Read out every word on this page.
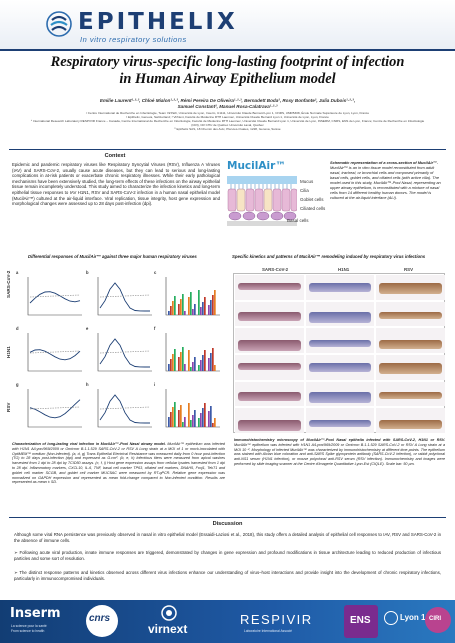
EPITHELIX
In vitro respiratory solutions
Respiratory virus-specific long-lasting footprint of infection
in Human Airway Epithelium model
Emilie Laurent¹·²·³, Chloé Mialon¹·²·³, Rémi Pereira De Oliveira¹·²·³, Bernadett Boda², Roxy Bonfante², Julia Dubois¹·²·³,
Samuel Constant², Manuel Rosa-Calatrava¹·²·³
¹ Centre International de Recherche en Infectiologie, Team VirPath, Université de Lyon, Inserm, U1111, Université Claude Bernard Lyon 1, CNRS, UMR5308, École Normale Supérieure de Lyon, Lyon, France
² Epithelix, Geneva, Switzerland; ³ VirNext, Faculté de Médecine RTH Laennec, Université Claude Bernard Lyon 1, Université de Lyon, Lyon, France
⁴ International Research Laboratory RESPIVIR France – Canada, Centre International de Recherche en Infectiologie, Faculté de Médecine RTH Laennec, Université Claude Bernard Lyon 1, Université de Lyon, INSERM, CNRS, ENS de Lyon, France; Centre de Recherche en Infectiologie
(CRI), CR CHU de Québec Université Laval, Québec
⁵ Epithelix SAS, 18 Chemin des Aulx, Plan-les-Ouates, 1228, Geneva, Suisse
Context
Epidemic and pandemic respiratory viruses like Respiratory Syncytial Viruses (RSV), Influenza A Viruses (IAV) and SARS-CoV-2, usually cause acute diseases, but they can lead to serious and long-lasting complications in at-risk patients or exacerbate chronic respiratory illnesses. While their early pathological mechanisms have been extensively studied, the long-term effects of these infections on the airway epithelial tissue remain incompletely understood. This study aimed to characterize the infection kinetics and long-term epithelial tissue responses to IAV H1N1, RSV and SARS-CoV-2 infection in a human nasal epithelial model (MucilAir™) cultured at the air-liquid interface. Viral replication, tissue integrity, host gene expression and morphological changes were assessed up to 28 days post-infection (dpi).
MucilAir™
Mucus
Cilia
Goblet cells
Ciliated cells
Basal cells
Schematic representation of a cross-section of MucilAir™. MucilAir™ is an in vitro tissue model reconstituted from adult nasal, tracheal, or bronchial cells and composed primarily of basal cells, goblet cells, and ciliated cells (with active cilia). The model used in this study, MucilAir™-Pool Nasal, representing an upper airway epithelium, is reconstituted with a mixture of nasal cells from 14 different healthy human donors. The model is cultured at the air-liquid interface (ALI).
Differential responses of MucilAir™ against three major human respiratory viruses
a	b	c
d	e	f
g	h	i
SARS-CoV-2
H1N1
RSV
Characterization of long-lasting viral infection in MucilAir™-Pool Nasal airway model. MucilAir™ epithelium was infected with H1N1 A/Lyon/969/2009 or Omicron B.1.1.529 SARS-CoV-2 or RSV A Long strain at a MOI of 1 or mock-inoculated with OptiMEM™ medium (Non-infected). (a, d, g) Trans Epithelial Electrical Resistance was measured daily from 0 hour post-infection (TO) to 28 days post-infection (dpi) and expressed as Ω.cm². (b, e, h) Infectious titers were measured from apical washes harvested from 1 dpi to 28 dpi by TCID50 assays. (c, f, i) Host gene expression assays from cellular lysates harvested from 1 dpi to 28 dpi. Inflammatory markers, CXCL10, IL-6, TNF, basal cell marker TP63, ciliated cell markers, DNAH5, Foxj1, TekT1 and goblet cell marker SCGB, and goblet cell marker MUC5AC were measured by RT-qPCR. Relative gene expression was normalized on GAPDH expression and represented as mean fold-change compared to Non-infected condition. Results are represented as mean ± SD.
Specific kinetics and patterns of MucilAir™ remodeling induced by respiratory virus infections
SARS-CoV-2	H1N1	RSV
Immunohistochemistry microscopy of MucilAir™-Pool Nasal epithelia infected with SARS-CoV-2, H1N1 or RSV. MucilAir™ epithelium was infected with H1N1 A/Lyon/969/2009 or Omicron B.1.1.529 SARS-CoV-2 or RSV A Long strain at a MOI 10⁻². Morphology of infected MucilAir™ was characterized by immunohistochemistry at different time-points. The epithelium was stained with Alcian blue coloration and anti-SARS Spike glycoprotein antibody (SARS-CoV-2 infection), or rabbit polyclonal anti-NS1 serum (H1N1 infection), or mouse polyclonal anti-RSV serum (RSV infection). Immunochemistry and images were performed by slide imaging scanner at the Centre d'Imagerie Quantitative Lyon-Est (CIQLE). Scale bar: 50 µm.
Discussion
Although some viral RNA persistence was previously observed in nasal in vitro epithelial model (Essaidi-Laziosi et al., 2018), this study offers a detailed analysis of epithelial cell responses to IAV, RSV and SARS-CoV-2 in the absence of immune cells.
➢ Following acute viral production, innate immune responses are triggered, demonstrated by changes in gene expression and profound modifications in tissue architecture leading to reduced production of infectious particles and some sort of resolution.
➢ The distinct response patterns and kinetics observed across different virus infections enhance our understanding of virus–host interactions and provide insight into the development of chronic respiratory infections, particularly in immunocompromised individuals.
Inserm
La science pour la santé
From science to health
cnrs
virnext
RESPIVIR
Laboratoire International Associé
ENS	Lyon 1 CIRI
